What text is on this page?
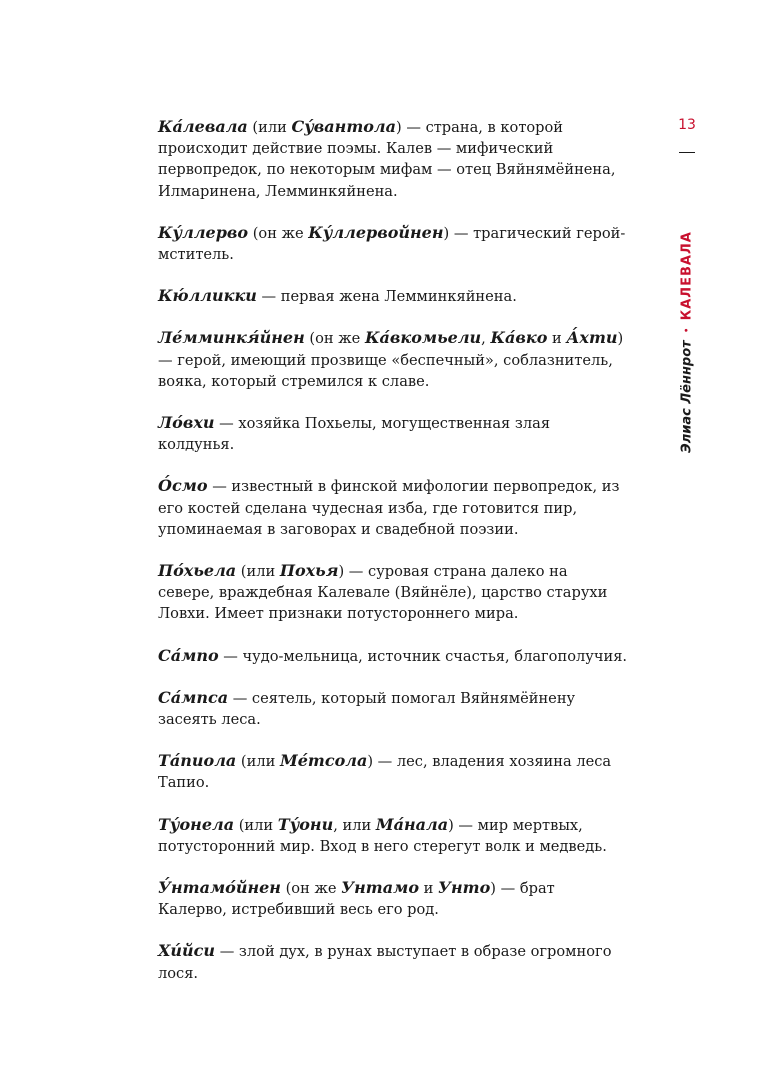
Ка́левала (или Су́вантола) — страна, в которой происходит действие поэмы. Калев — мифический первопредок, по некоторым мифам — отец Вяйнямёйнена, Илмаринена, Лемминкяйнена.
Ку́ллерво (он же Ку́ллервойнен) — трагический герой-мститель.
Кю́лликки — первая жена Лемминкяйнена.
Ле́мминкя́йнен (он же Ка́вкомьели, Ка́вко и А́хти) — герой, имеющий прозвище «беспечный», соблазнитель, вояка, который стремился к славе.
Ло́вхи — хозяйка Похьелы, могущественная злая колдунья.
О́смо — известный в финской мифологии первопредок, из его костей сделана чудесная изба, где готовится пир, упоминаемая в заговорах и свадебной поэзии.
По́хьела (или Похья) — суровая страна далеко на севере, враждебная Калевале (Вяйнёле), царство старухи Ловхи. Имеет признаки потустороннего мира.
Са́мпо — чудо-мельница, источник счастья, благополучия.
Са́мпса — сеятель, который помогал Вяйнямёйнену засеять леса.
Та́пиола (или Ме́тсола) — лес, владения хозяина леса Тапио.
Ту́онела (или Ту́они, или Ма́нала) — мир мертвых, потусторонний мир. Вход в него стерегут волк и медведь.
У́нтамо́йнен (он же Унтамо и Унто) — брат Калерво, истребивший весь его род.
Хи́йси — злой дух, в рунах выступает в образе огромного лося.
13
Элиас Лённрот•КАЛЕВАЛА
